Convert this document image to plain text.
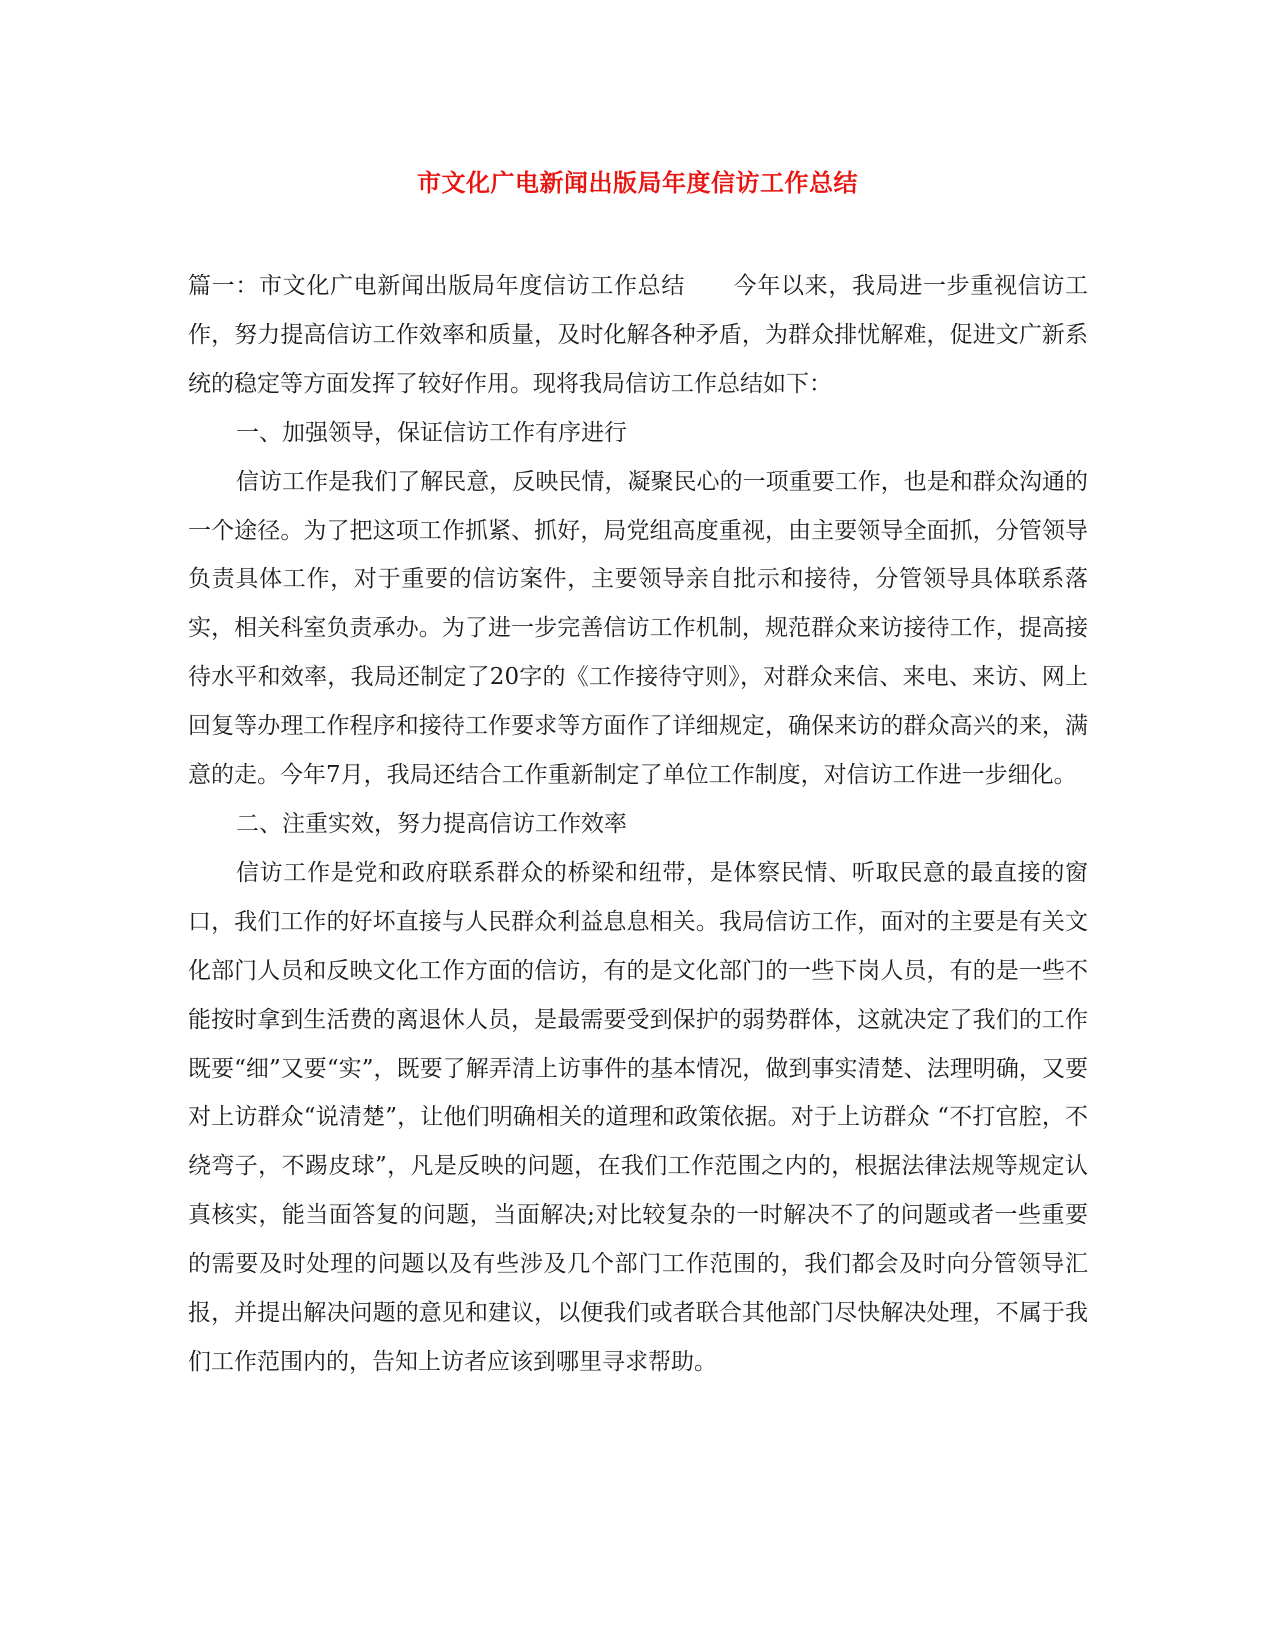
市文化广电新闻出版局年度信访工作总结

篇一：市文化广电新闻出版局年度信访工作总结 今年以来，我局进一步重视信访工作，努力提高信访工作效率和质量，及时化解各种矛盾，为群众排忧解难，促进文广新系统的稳定等方面发挥了较好作用。现将我局信访工作总结如下：

一、加强领导，保证信访工作有序进行

信访工作是我们了解民意，反映民情，凝聚民心的一项重要工作，也是和群众沟通的一个途径。为了把这项工作抓紧、抓好，局党组高度重视，由主要领导全面抓，分管领导负责具体工作，对于重要的信访案件，主要领导亲自批示和接待，分管领导具体联系落实，相关科室负责承办。为了进一步完善信访工作机制，规范群众来访接待工作，提高接待水平和效率，我局还制定了20字的《工作接待守则》，对群众来信、来电、来访、网上回复等办理工作程序和接待工作要求等方面作了详细规定，确保来访的群众高兴的来，满意的走。今年7月，我局还结合工作重新制定了单位工作制度，对信访工作进一步细化。

二、注重实效，努力提高信访工作效率

信访工作是党和政府联系群众的桥梁和纽带，是体察民情、听取民意的最直接的窗口，我们工作的好坏直接与人民群众利益息息相关。我局信访工作，面对的主要是有关文化部门人员和反映文化工作方面的信访，有的是文化部门的一些下岗人员，有的是一些不能按时拿到生活费的离退休人员，是最需要受到保护的弱势群体，这就决定了我们的工作既要“细”又要“实”，既要了解弄清上访事件的基本情况，做到事实清楚、法理明确，又要对上访群众“说清楚”，让他们明确相关的道理和政策依据。对于上访群众 “不打官腔，不绕弯子，不踢皮球”，凡是反映的问题，在我们工作范围之内的，根据法律法规等规定认真核实，能当面答复的问题，当面解决;对比较复杂的一时解决不了的问题或者一些重要的需要及时处理的问题以及有些涉及几个部门工作范围的，我们都会及时向分管领导汇报，并提出解决问题的意见和建议，以便我们或者联合其他部门尽快解决处理，不属于我们工作范围内的，告知上访者应该到哪里寻求帮助。
